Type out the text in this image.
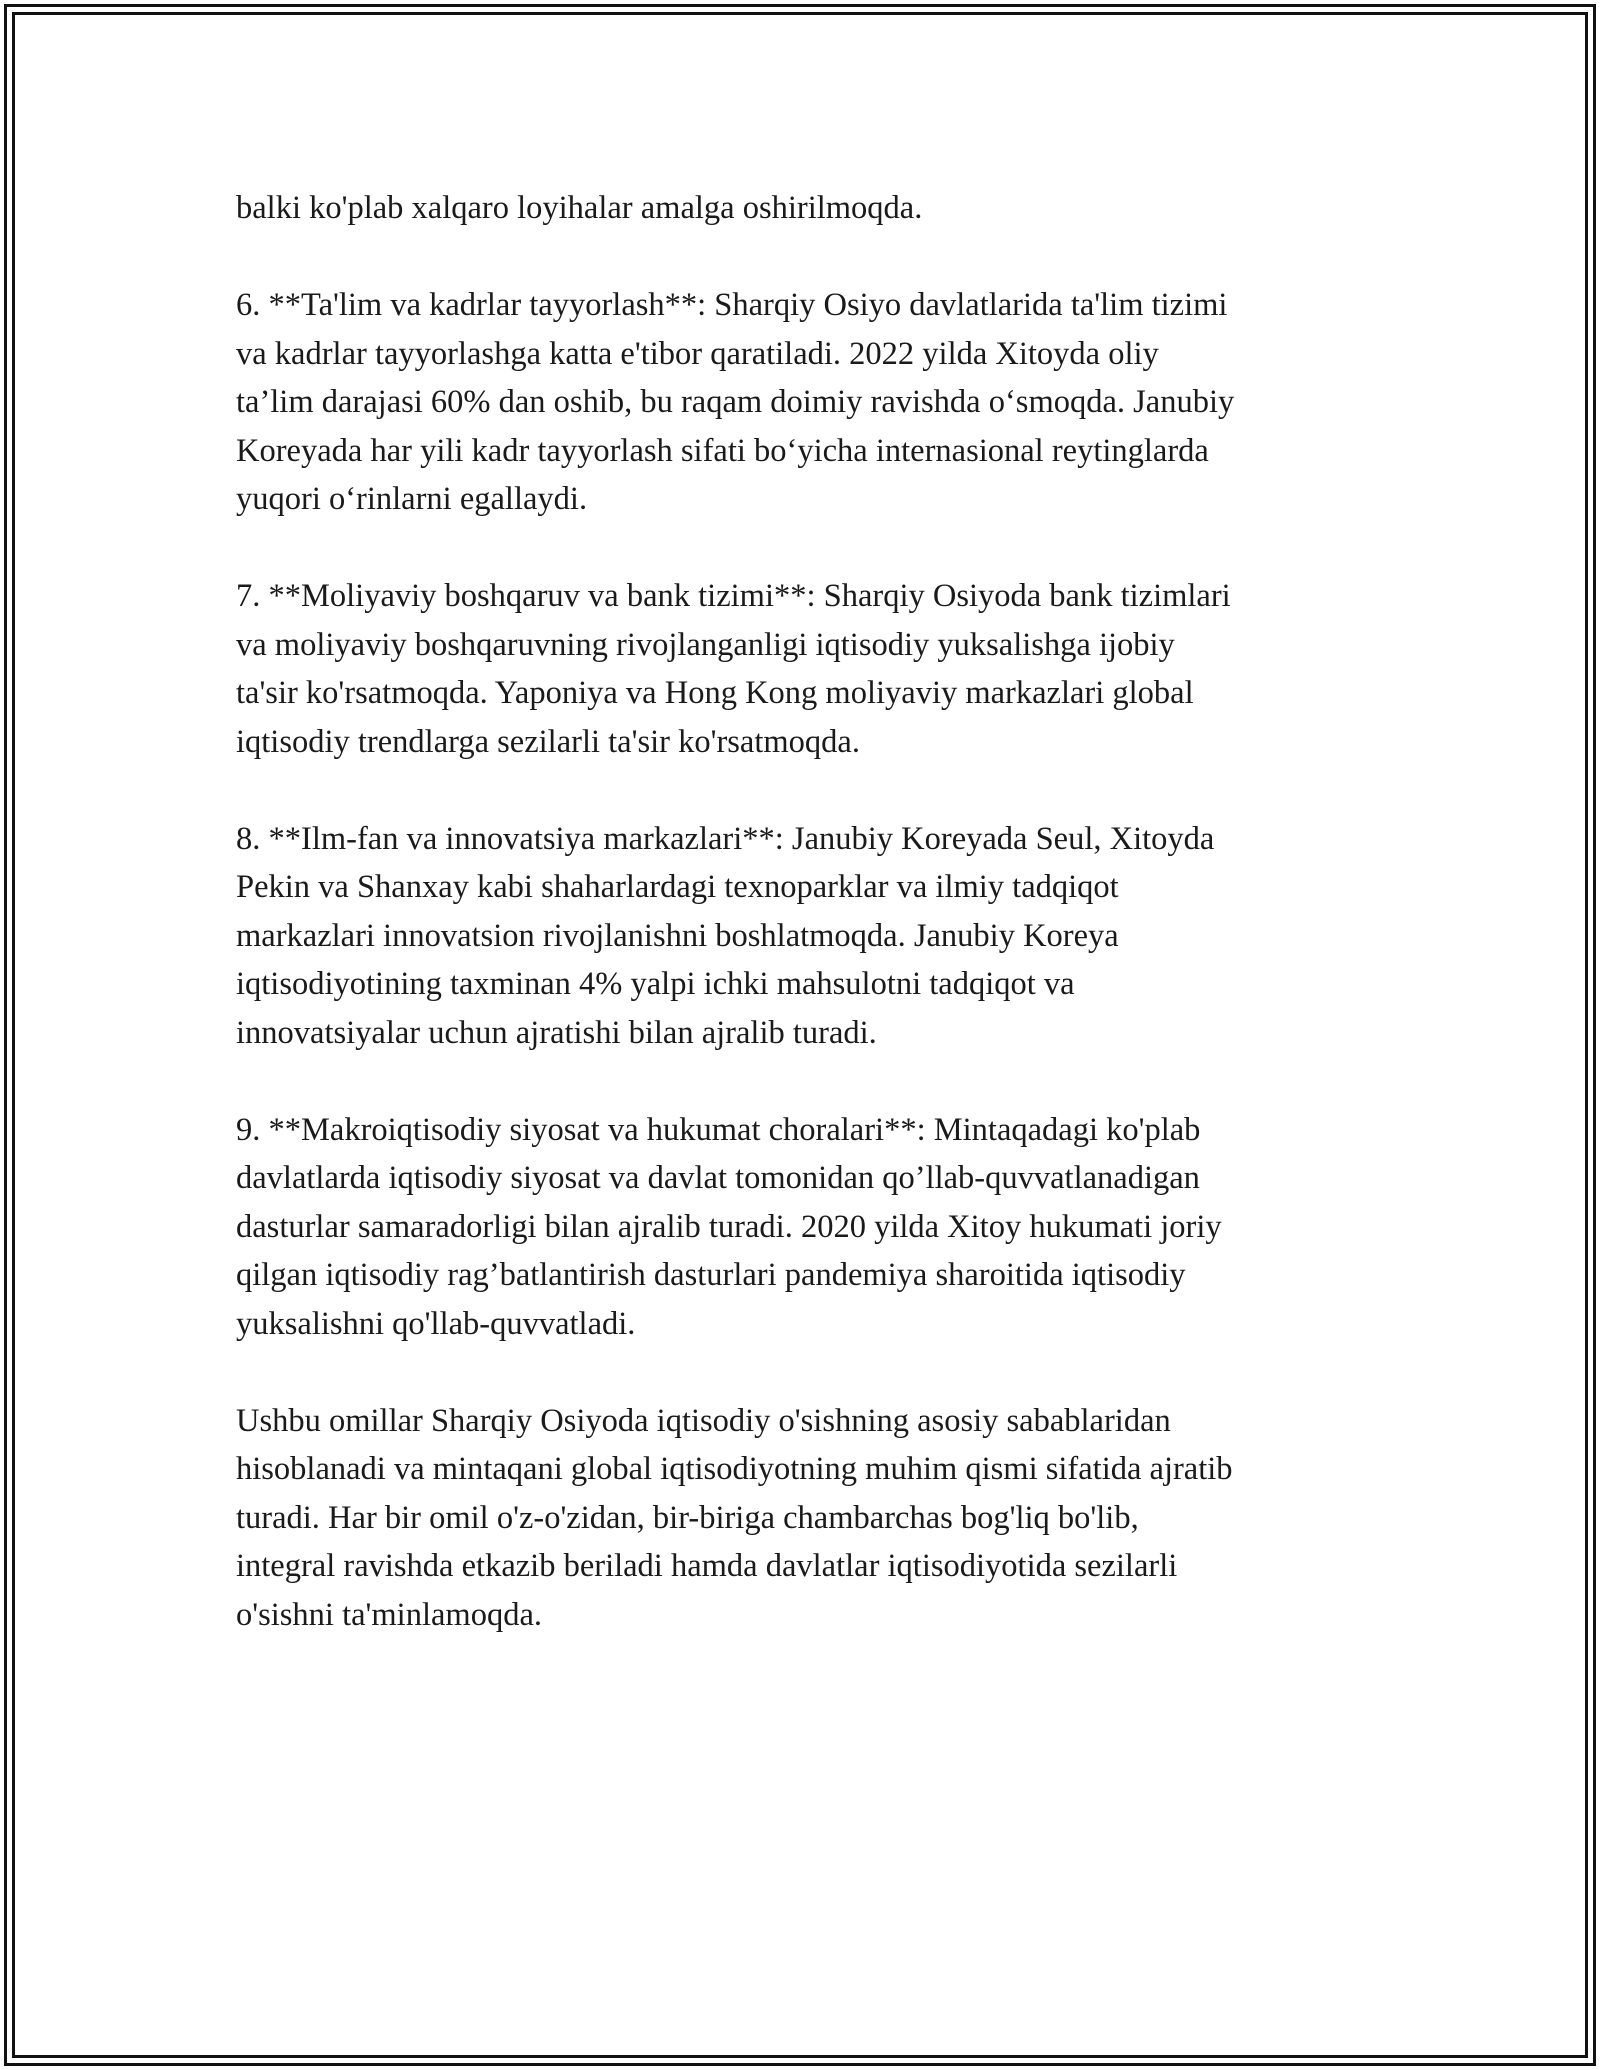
balki ko'plab xalqaro loyihalar amalga oshirilmoqda.

6. **Ta'lim va kadrlar tayyorlash**: Sharqiy Osiyo davlatlarida ta'lim tizimi
va kadrlar tayyorlashga katta e'tibor qaratiladi. 2022 yilda Xitoyda oliy
ta’lim darajasi 60% dan oshib, bu raqam doimiy ravishda o‘smoqda. Janubiy
Koreyada har yili kadr tayyorlash sifati bo‘yicha internasional reytinglarda
yuqori o‘rinlarni egallaydi.

7. **Moliyaviy boshqaruv va bank tizimi**: Sharqiy Osiyoda bank tizimlari
va moliyaviy boshqaruvning rivojlanganligi iqtisodiy yuksalishga ijobiy
ta'sir ko'rsatmoqda. Yaponiya va Hong Kong moliyaviy markazlari global
iqtisodiy trendlarga sezilarli ta'sir ko'rsatmoqda.

8. **Ilm-fan va innovatsiya markazlari**: Janubiy Koreyada Seul, Xitoyda
Pekin va Shanxay kabi shaharlardagi texnoparklar va ilmiy tadqiqot
markazlari innovatsion rivojlanishni boshlatmoqda. Janubiy Koreya
iqtisodiyotining taxminan 4% yalpi ichki mahsulotni tadqiqot va
innovatsiyalar uchun ajratishi bilan ajralib turadi.

9. **Makroiqtisodiy siyosat va hukumat choralari**: Mintaqadagi ko'plab
davlatlarda iqtisodiy siyosat va davlat tomonidan qo’llab-quvvatlanadigan
dasturlar samaradorligi bilan ajralib turadi. 2020 yilda Xitoy hukumati joriy
qilgan iqtisodiy rag’batlantirish dasturlari pandemiya sharoitida iqtisodiy
yuksalishni qo'llab-quvvatladi.

Ushbu omillar Sharqiy Osiyoda iqtisodiy o'sishning asosiy sabablaridan
hisoblanadi va mintaqani global iqtisodiyotning muhim qismi sifatida ajratib
turadi. Har bir omil o'z-o'zidan, bir-biriga chambarchas bog'liq bo'lib,
integral ravishda etkazib beriladi hamda davlatlar iqtisodiyotida sezilarli
o'sishni ta'minlamoqda.
